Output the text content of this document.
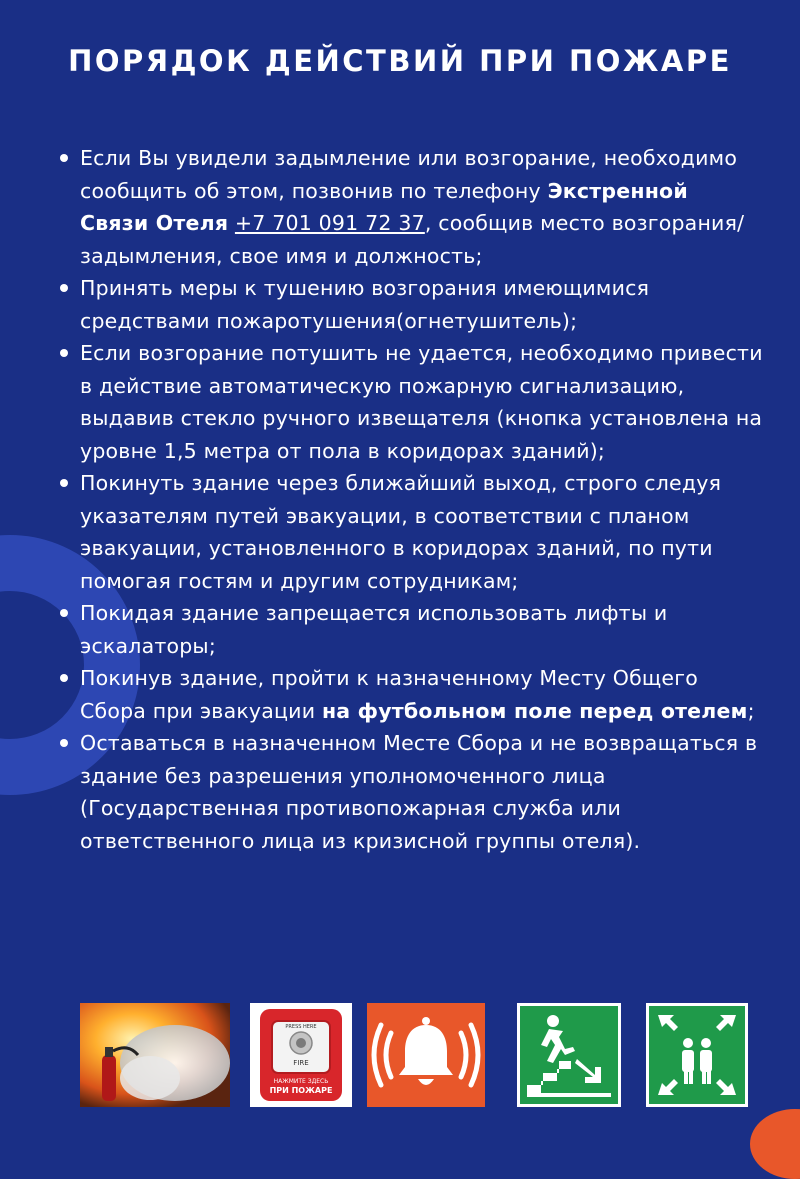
ПОРЯДОК ДЕЙСТВИЙ ПРИ ПОЖАРЕ
Если Вы увидели задымление или возгорание, необходимо сообщить об этом, позвонив по телефону Экстренной Связи Отеля +7 701 091 72 37, сообщив место возгорания/задымления, свое имя и должность;
Принять меры к тушению возгорания имеющимися средствами пожаротушения(огнетушитель);
Если возгорание потушить не удается, необходимо привести в действие автоматическую пожарную сигнализацию, выдавив стекло ручного извещателя (кнопка установлена на уровне 1,5 метра от пола в коридорах зданий);
Покинуть здание через ближайший выход, строго следуя указателям путей эвакуации, в соответствии с планом эвакуации, установленного в коридорах зданий, по пути помогая гостям и другим сотрудникам;
Покидая здание запрещается использовать лифты и эскалаторы;
Покинув здание, пройти к назначенному Месту Общего Сбора при эвакуации на футбольном поле перед отелем;
Оставаться в назначенном Месте Сбора и не возвращаться в здание без разрешения уполномоченного лица (Государственная противопожарная служба или ответственного лица из кризисной группы отеля).
PRESS HERE
FIRE
НАЖМИТЕ ЗДЕСЬ
ПРИ ПОЖАРЕ
